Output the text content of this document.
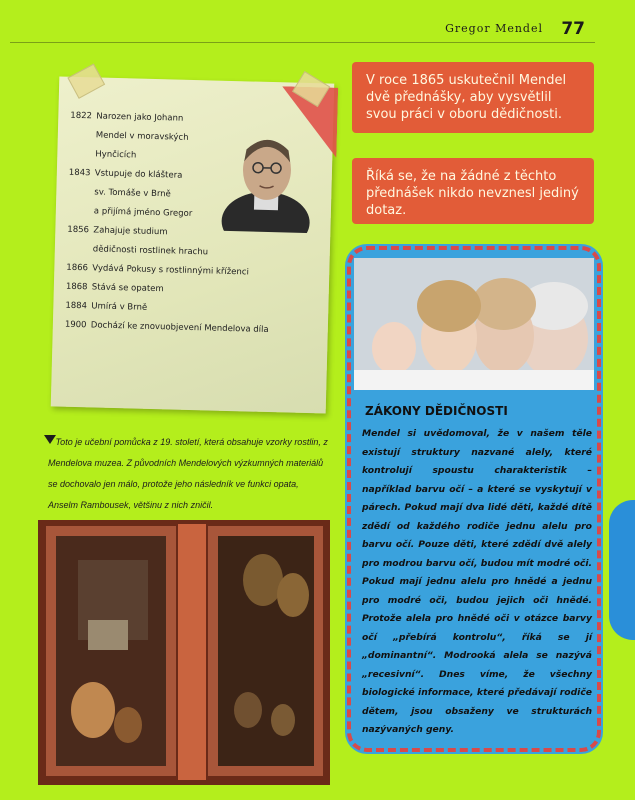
Gregor Mendel 77
1822 Narozen jako Johann
Mendel v moravských
Hynčicích
1843 Vstupuje do kláštera
sv. Tomáše v Brně
a přijímá jméno Gregor
1856 Zahajuje studium
dědičnosti rostlinek hrachu
1866 Vydává Pokusy s rostlinnými kříženci
1868 Stává se opatem
1884 Umírá v Brně
1900 Dochází ke znovuobjevení Mendelova díla
V roce 1865 uskutečnil Mendel dvě přednášky, aby vysvětlil svou práci v oboru dědičnosti.
Říká se, že na žádné z těchto přednášek nikdo nevznesl jediný dotaz.
Toto je učební pomůcka z 19. století, která obsahuje vzorky rostlin, z Mendelova muzea. Z původních Mendelových výzkumných materiálů se dochovalo jen málo, protože jeho následník ve funkci opata, Anselm Rambousek, většinu z nich zničil.
ZÁKONY DĚDIČNOSTI
Mendel si uvědomoval, že v našem těle existují struktury nazvané alely, které kontrolují spoustu charakteristik – například barvu očí – a které se vyskytují v párech. Pokud mají dva lidé děti, každé dítě zdědí od každého rodiče jednu alelu pro barvu očí. Pouze děti, které zdědí dvě alely pro modrou barvu očí, budou mít modré oči. Pokud mají jednu alelu pro hnědé a jednu pro modré oči, budou jejich oči hnědé. Protože alela pro hnědé oči v otázce barvy očí „přebírá kontrolu“, říká se jí „dominantní“. Modrooká alela se nazývá „recesivní“. Dnes víme, že všechny biologické informace, které předávají rodiče dětem, jsou obsaženy ve strukturách nazývaných geny.
